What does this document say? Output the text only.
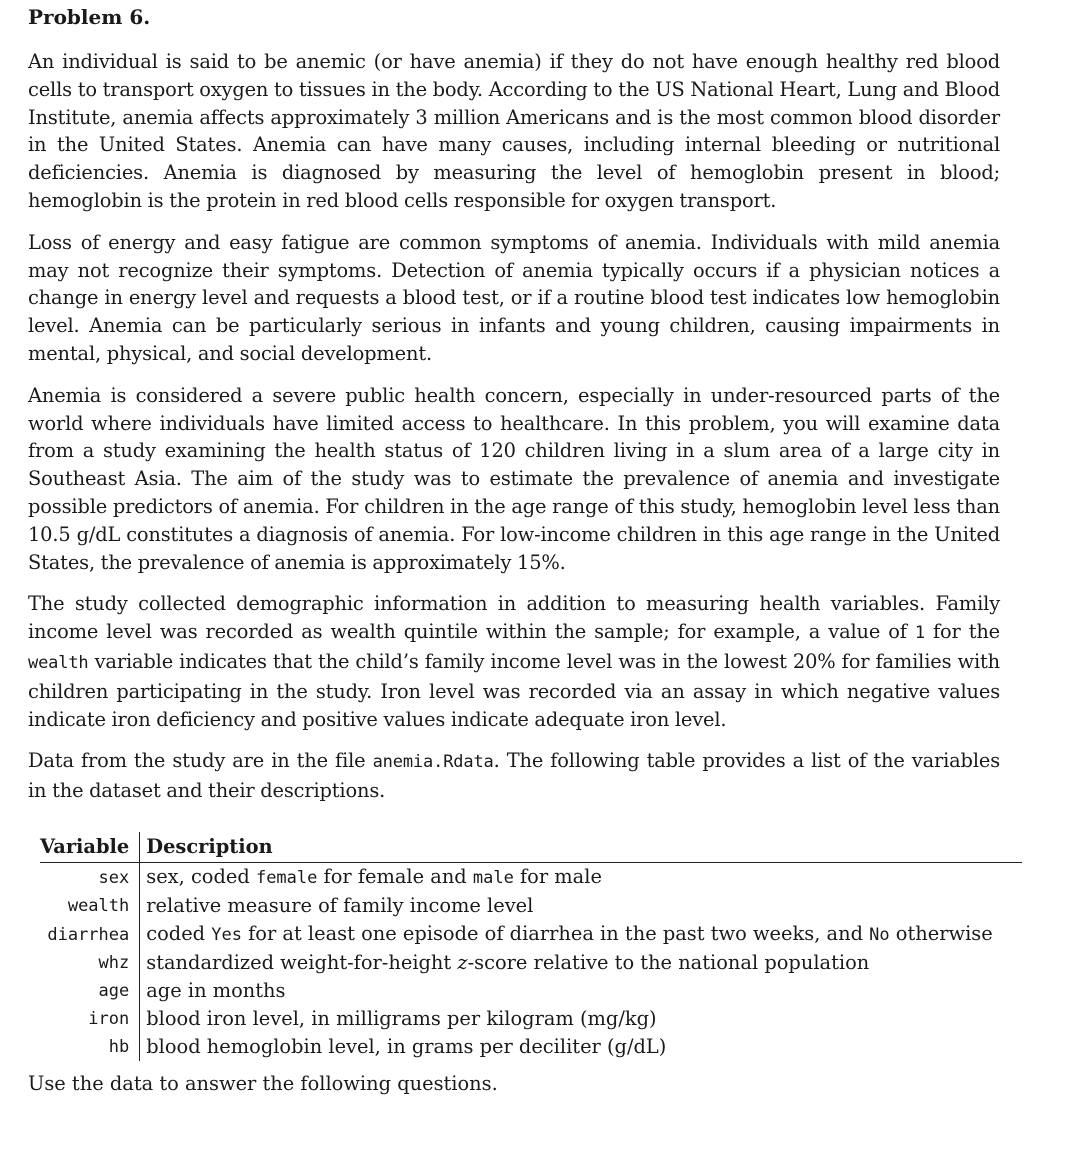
Problem 6.

An individual is said to be anemic (or have anemia) if they do not have enough healthy red blood cells to transport oxygen to tissues in the body. According to the US National Heart, Lung and Blood Institute, anemia affects approximately 3 million Americans and is the most common blood disorder in the United States. Anemia can have many causes, including internal bleeding or nutritional deficiencies. Anemia is diagnosed by measuring the level of hemoglobin present in blood; hemoglobin is the protein in red blood cells responsible for oxygen transport.

Loss of energy and easy fatigue are common symptoms of anemia. Individuals with mild anemia may not recognize their symptoms. Detection of anemia typically occurs if a physician notices a change in energy level and requests a blood test, or if a routine blood test indicates low hemoglobin level. Anemia can be particularly serious in infants and young children, causing impairments in mental, physical, and social development.

Anemia is considered a severe public health concern, especially in under-resourced parts of the world where individuals have limited access to healthcare. In this problem, you will examine data from a study examining the health status of 120 children living in a slum area of a large city in Southeast Asia. The aim of the study was to estimate the prevalence of anemia and investigate possible predictors of anemia. For children in the age range of this study, hemoglobin level less than 10.5 g/dL constitutes a diagnosis of anemia. For low-income children in this age range in the United States, the prevalence of anemia is approximately 15%.

The study collected demographic information in addition to measuring health variables. Family income level was recorded as wealth quintile within the sample; for example, a value of 1 for the wealth variable indicates that the child’s family income level was in the lowest 20% for families with children participating in the study. Iron level was recorded via an assay in which negative values indicate iron deficiency and positive values indicate adequate iron level.

Data from the study are in the file anemia.Rdata. The following table provides a list of the variables in the dataset and their descriptions.

Variable	Description
sex	sex, coded female for female and male for male
wealth	relative measure of family income level
diarrhea	coded Yes for at least one episode of diarrhea in the past two weeks, and No otherwise
whz	standardized weight-for-height z-score relative to the national population
age	age in months
iron	blood iron level, in milligrams per kilogram (mg/kg)
hb	blood hemoglobin level, in grams per deciliter (g/dL)

Use the data to answer the following questions.
